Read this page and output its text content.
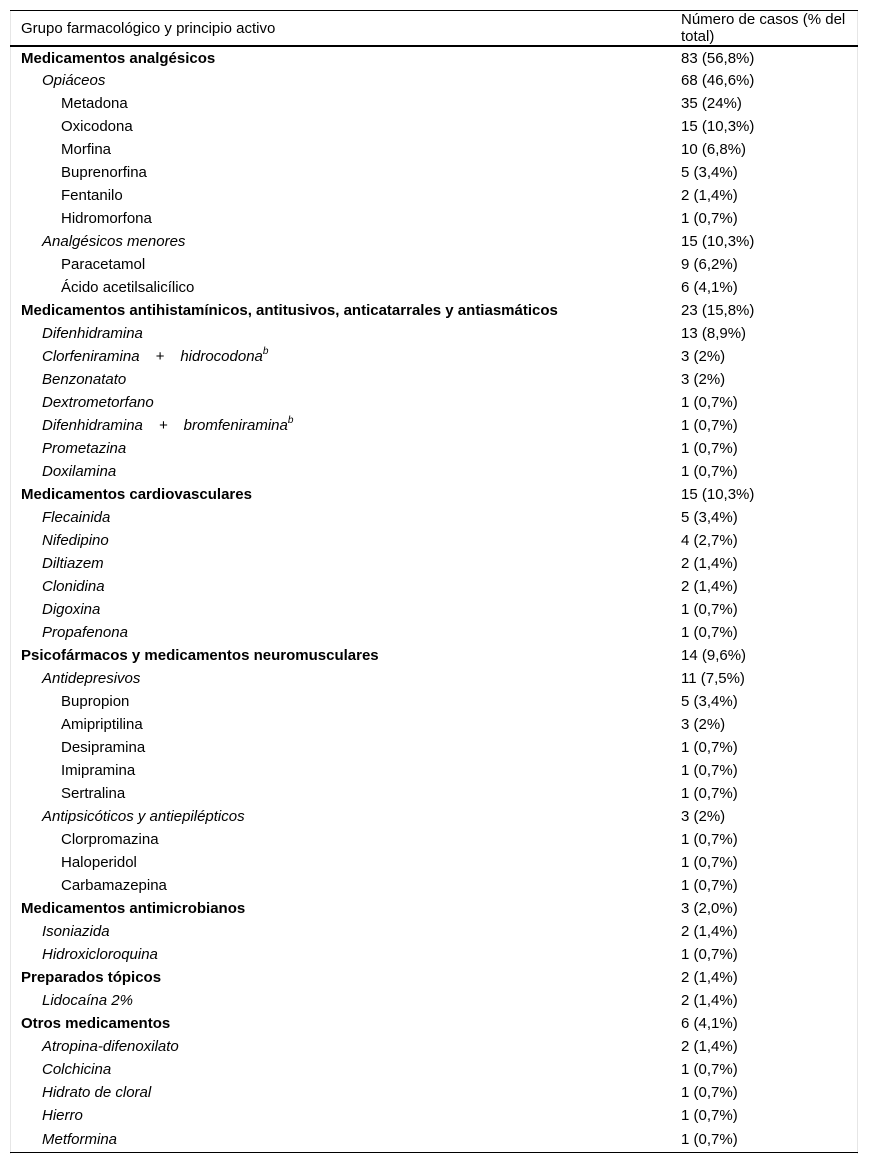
Grupo farmacológico y principio activo	Número de casos (% del total)
Medicamentos analgésicos	83 (56,8%)
Opiáceos	68 (46,6%)
Metadona	35 (24%)
Oxicodona	15 (10,3%)
Morfina	10 (6,8%)
Buprenorfina	5 (3,4%)
Fentanilo	2 (1,4%)
Hidromorfona	1 (0,7%)
Analgésicos menores	15 (10,3%)
Paracetamol	9 (6,2%)
Ácido acetilsalicílico	6 (4,1%)
Medicamentos antihistamínicos, antitusivos, anticatarrales y antiasmáticos	23 (15,8%)
Difenhidramina	13 (8,9%)
Clorfeniramina + hidrocodona$^b$	3 (2%)
Benzonatato	3 (2%)
Dextrometorfano	1 (0,7%)
Difenhidramina + bromfeniramina$^b$	1 (0,7%)
Prometazina	1 (0,7%)
Doxilamina	1 (0,7%)
Medicamentos cardiovasculares	15 (10,3%)
Flecainida	5 (3,4%)
Nifedipino	4 (2,7%)
Diltiazem	2 (1,4%)
Clonidina	2 (1,4%)
Digoxina	1 (0,7%)
Propafenona	1 (0,7%)
Psicofármacos y medicamentos neuromusculares	14 (9,6%)
Antidepresivos	11 (7,5%)
Bupropion	5 (3,4%)
Amipriptilina	3 (2%)
Desipramina	1 (0,7%)
Imipramina	1 (0,7%)
Sertralina	1 (0,7%)
Antipsicóticos y antiepilépticos	3 (2%)
Clorpromazina	1 (0,7%)
Haloperidol	1 (0,7%)
Carbamazepina	1 (0,7%)
Medicamentos antimicrobianos	3 (2,0%)
Isoniazida	2 (1,4%)
Hidroxicloroquina	1 (0,7%)
Preparados tópicos	2 (1,4%)
Lidocaína 2%	2 (1,4%)
Otros medicamentos	6 (4,1%)
Atropina-difenoxilato	2 (1,4%)
Colchicina	1 (0,7%)
Hidrato de cloral	1 (0,7%)
Hierro	1 (0,7%)
Metformina	1 (0,7%)
